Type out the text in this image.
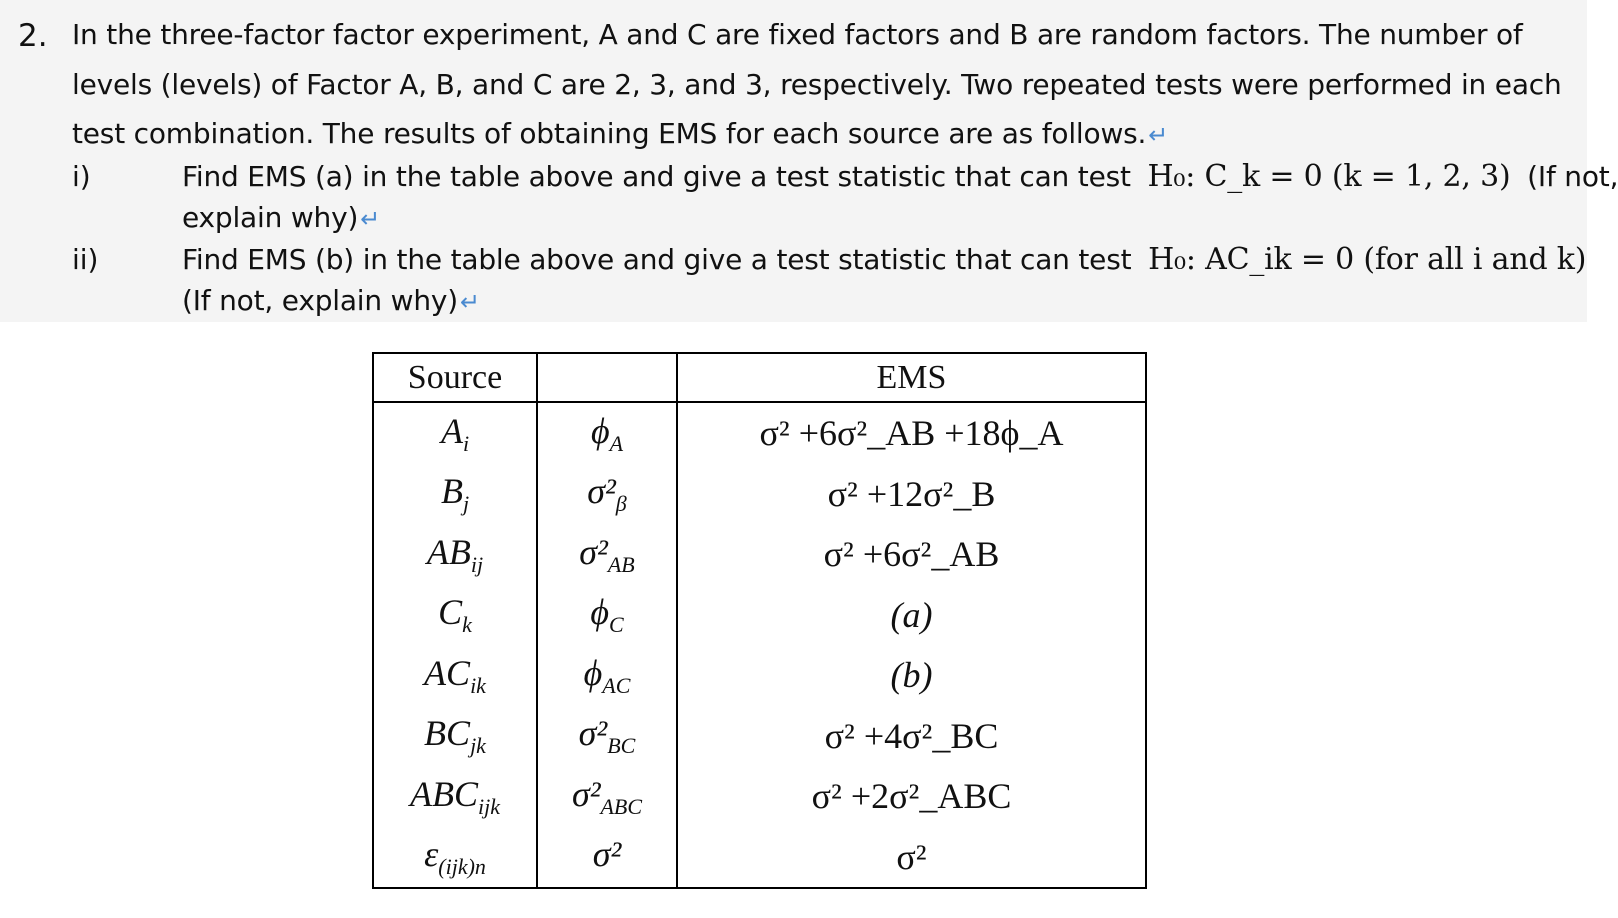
2. In the three-factor factor experiment, A and C are fixed factors and B are random factors. The number of
levels (levels) of Factor A, B, and C are 2, 3, and 3, respectively. Two repeated tests were performed in each
test combination. The results of obtaining EMS for each source are as follows.↵
i)	Find EMS (a) in the table above and give a test statistic that can test H₀: C_k = 0 (k = 1, 2, 3) (If not,
explain why)↵
ii)	Find EMS (b) in the table above and give a test statistic that can test H₀: AC_ik = 0 (for all i and k)
(If not, explain why)↵
Source		EMS
$A_i$	$\phi_A$	σ² +6σ²_AB +18ϕ_A
$B_j$	$\sigma^2_\beta$	σ² +12σ²_B
$AB_{ij}$	$\sigma^2_{AB}$	σ² +6σ²_AB
$C_k$	$\phi_C$	(a)
$AC_{ik}$	$\phi_{AC}$	(b)
$BC_{jk}$	$\sigma^2_{BC}$	σ² +4σ²_BC
$ABC_{ijk}$	$\sigma^2_{ABC}$	σ² +2σ²_ABC
$\varepsilon_{(ijk)n}$	σ²	σ²
